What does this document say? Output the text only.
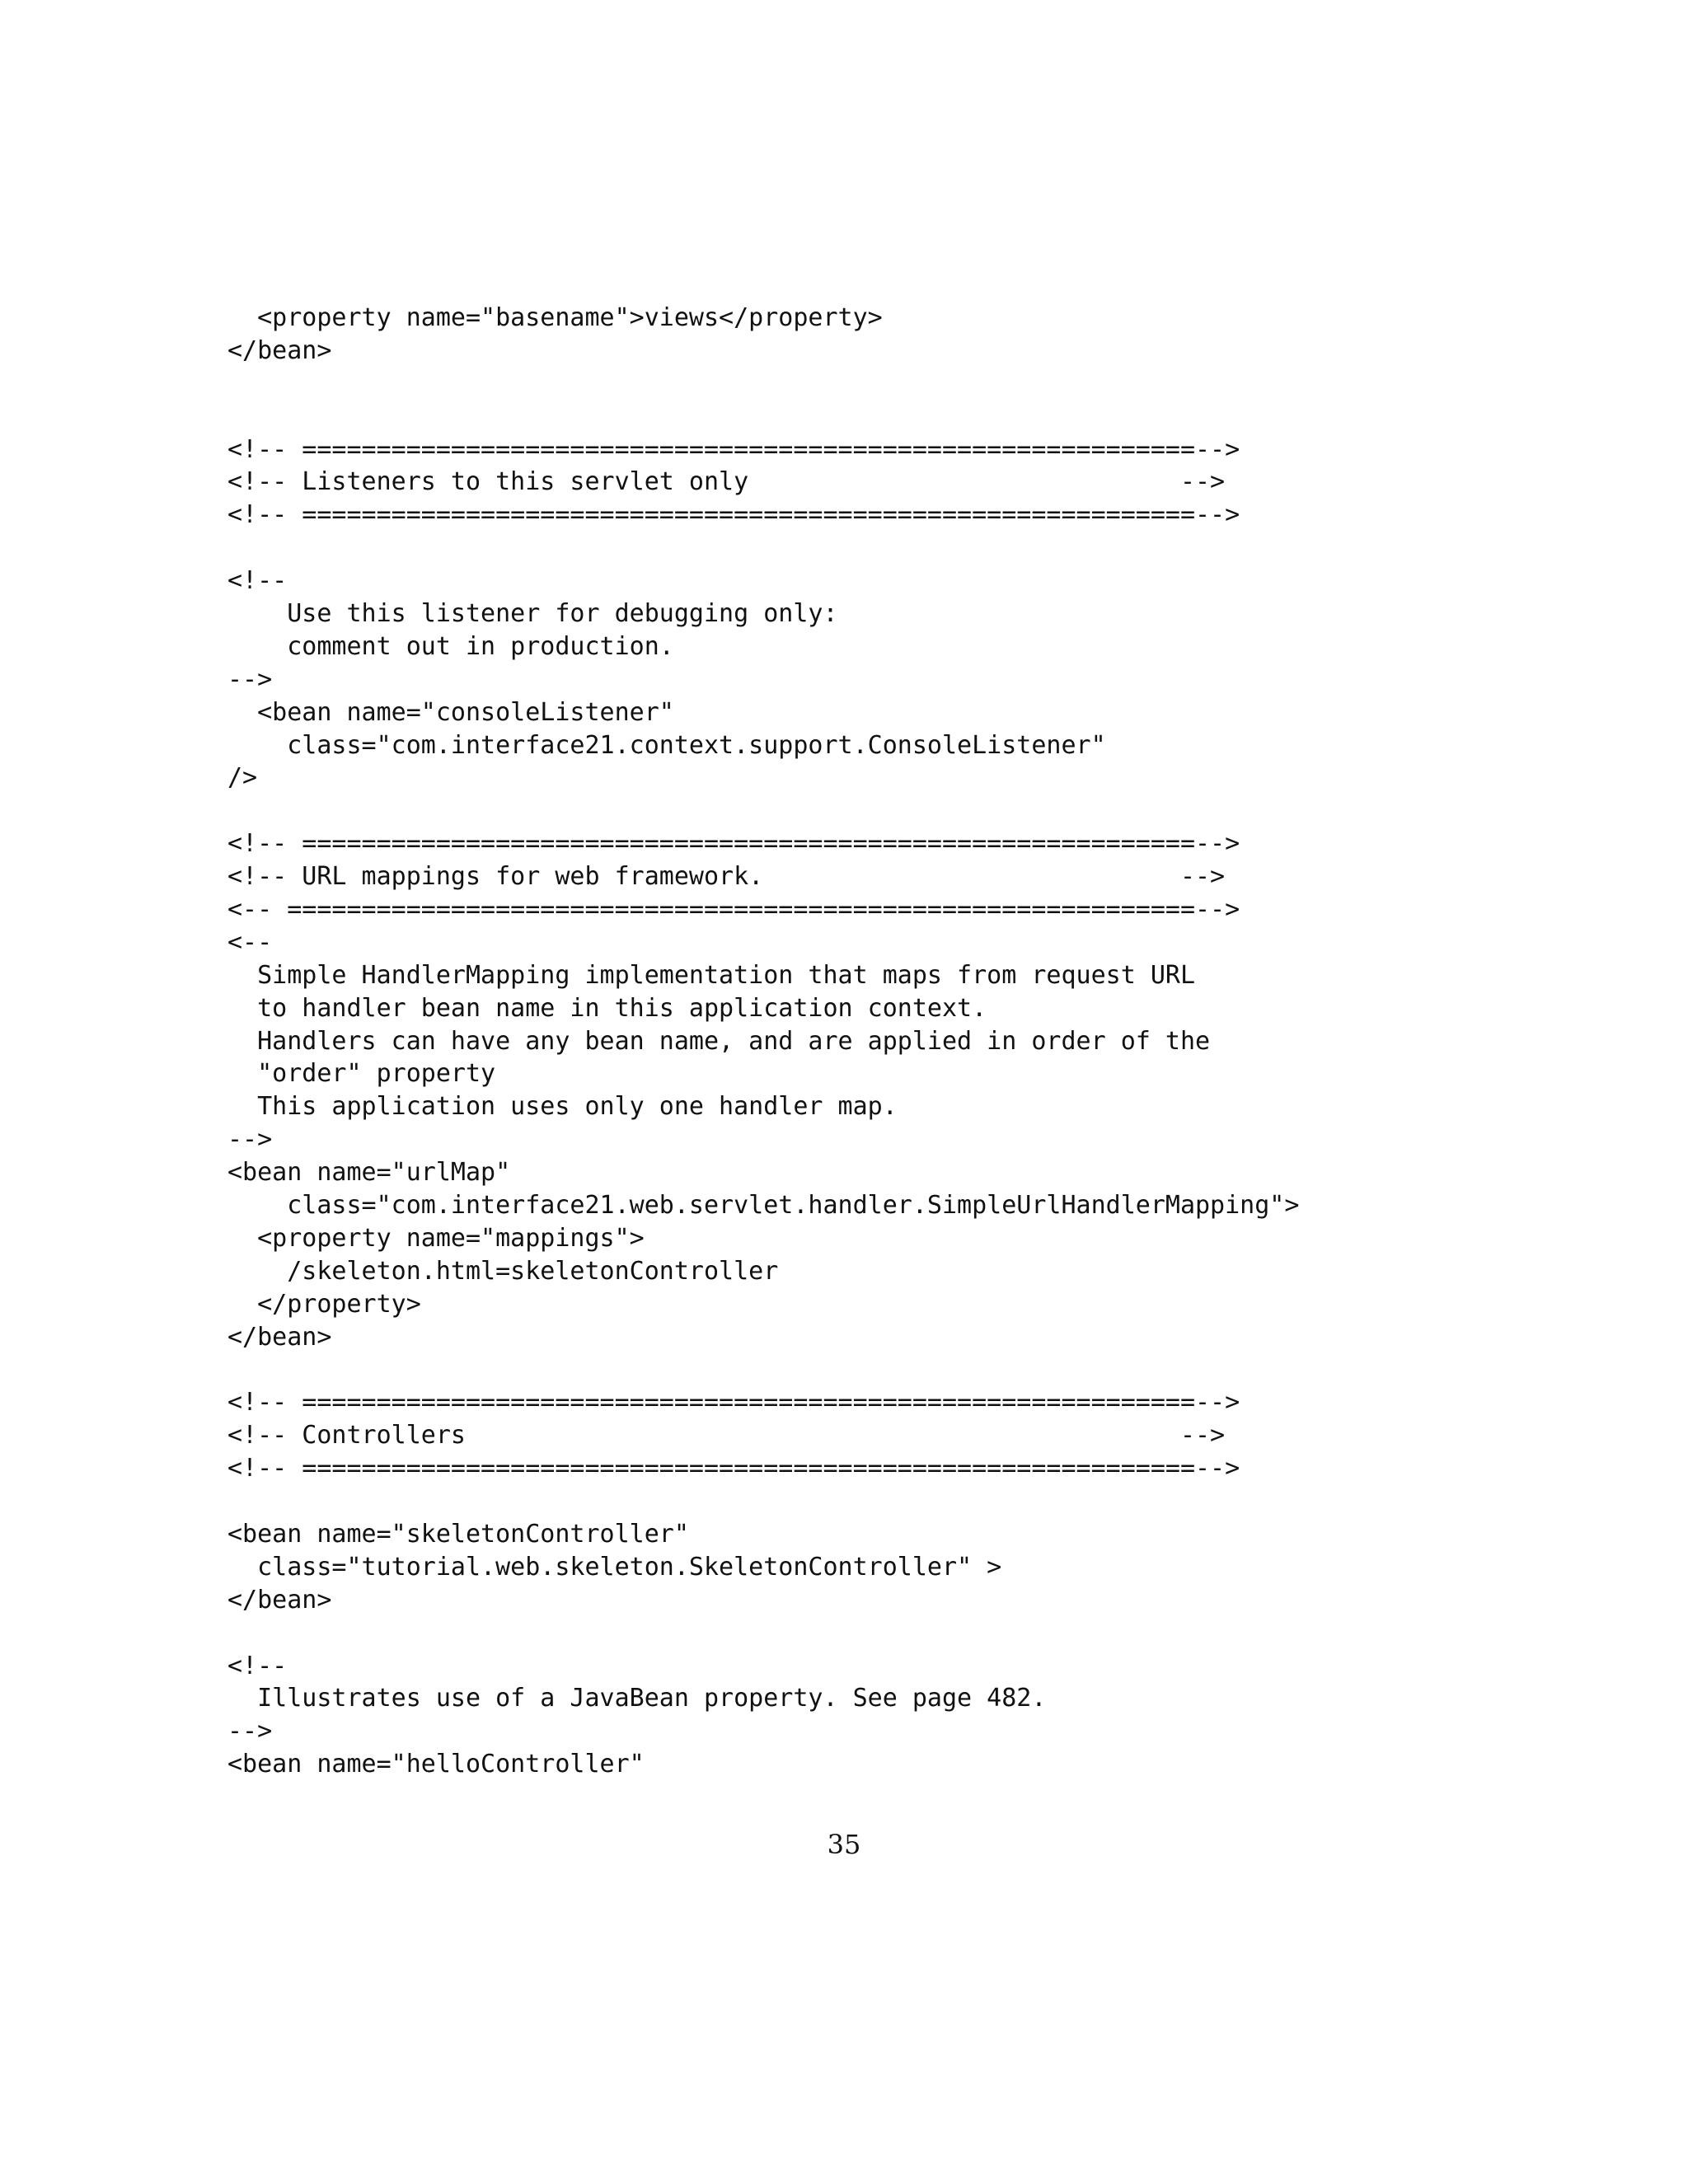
<property name="basename">views</property>
</bean>
<!-- ============================================================-->
<!-- Listeners to this servlet only                             -->
<!-- ============================================================-->
<!--
Use this listener for debugging only:
comment out in production.
-->
<bean name="consoleListener"
class="com.interface21.context.support.ConsoleListener"
/>
<!-- ============================================================-->
<!-- URL mappings for web framework.                            -->
<-- =============================================================-->
<--
Simple HandlerMapping implementation that maps from request URL
to handler bean name in this application context.
Handlers can have any bean name, and are applied in order of the
"order" property
This application uses only one handler map.
-->
<bean name="urlMap"
class="com.interface21.web.servlet.handler.SimpleUrlHandlerMapping">
<property name="mappings">
/skeleton.html=skeletonController
</property>
</bean>
<!-- ============================================================-->
<!-- Controllers                                                -->
<!-- ============================================================-->
<bean name="skeletonController"
class="tutorial.web.skeleton.SkeletonController" >
</bean>
<!--
Illustrates use of a JavaBean property. See page 482.
-->
<bean name="helloController"
35
